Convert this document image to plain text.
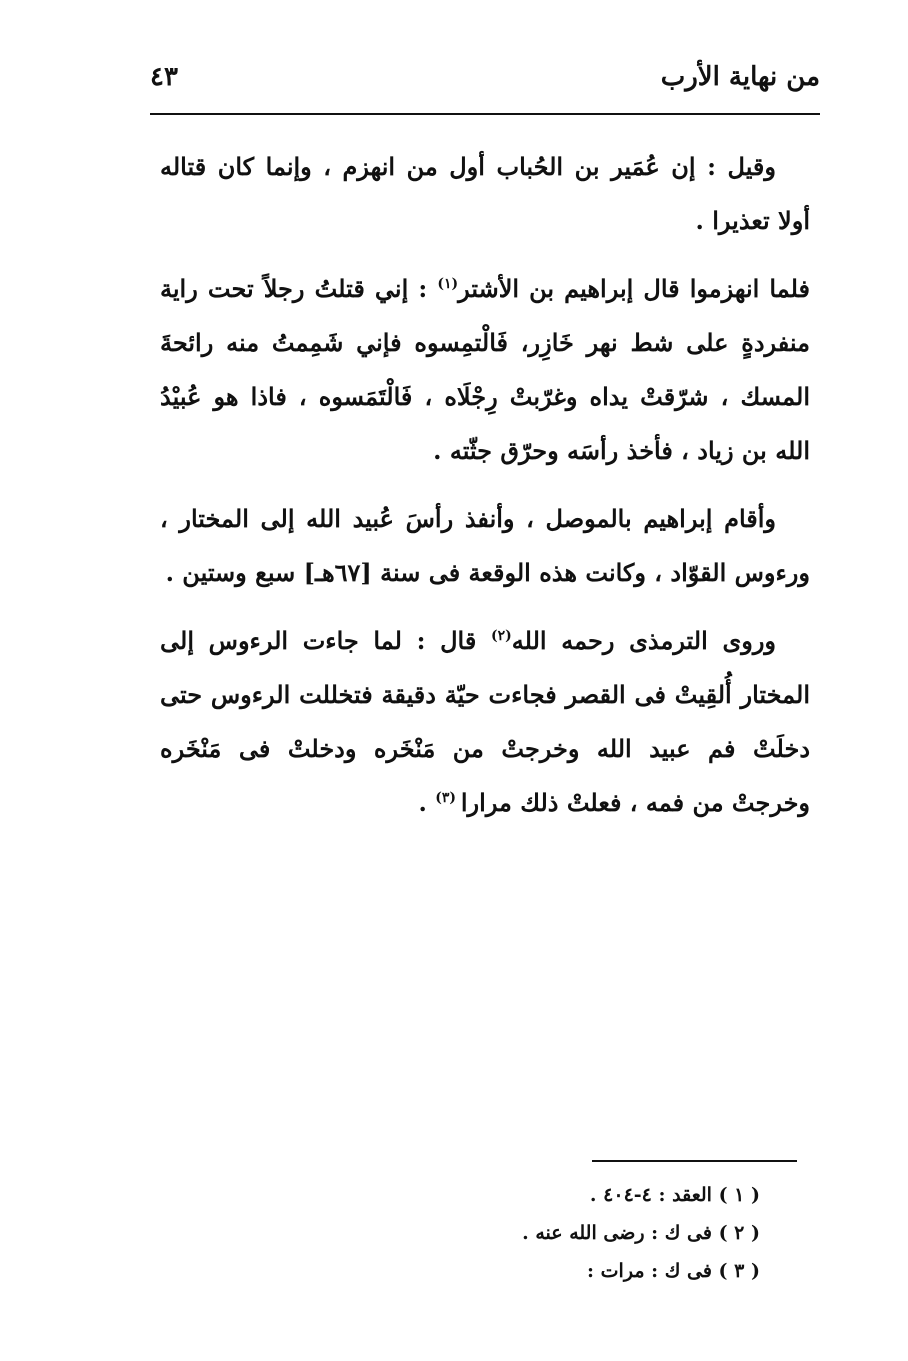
من نهاية الأرب
٤٣

وقيل : إن عُمَير بن الحُباب أول من انهزم ، وإنما كان قتاله أولا تعذيرا .

فلما انهزموا قال إبراهيم بن الأشتر$^{(١)}$ : إني قتلتُ رجلاً تحت راية منفردةٍ على شط نهر خَازِر، فَالْتمِسوه فإني شَمِمتُ منه رائحةَ المسك ، شرّقتْ يداه وغرّبتْ رِجْلَاه ، فَالْتَمَسوه ، فاذا هو عُبيْدُ الله بن زياد ، فأخذ رأسَه وحرّق جثّته .

وأقام إبراهيم بالموصل ، وأنفذ رأسَ عُبيد الله إلى المختار ، ورءوس القوّاد ، وكانت هذه الوقعة فى سنة [٦٧هـ] سبع وستين .

وروى الترمذى رحمه الله$^{(٢)}$ قال : لما جاءت الرءوس إلى المختار أُلقِيتْ فى القصر فجاءت حيّة دقيقة فتخللت الرءوس حتى دخلَتْ فم عبيد الله وخرجتْ من مَنْخَره ودخلتْ فى مَنْخَره وخرجتْ من فمه ، فعلتْ ذلك مرارا $^{(٣)}$ .

( ١ ) العقد : ٤-٤٠٤ .
( ٢ ) فى ك : رضى الله عنه .
( ٣ ) فى ك : مرات :
